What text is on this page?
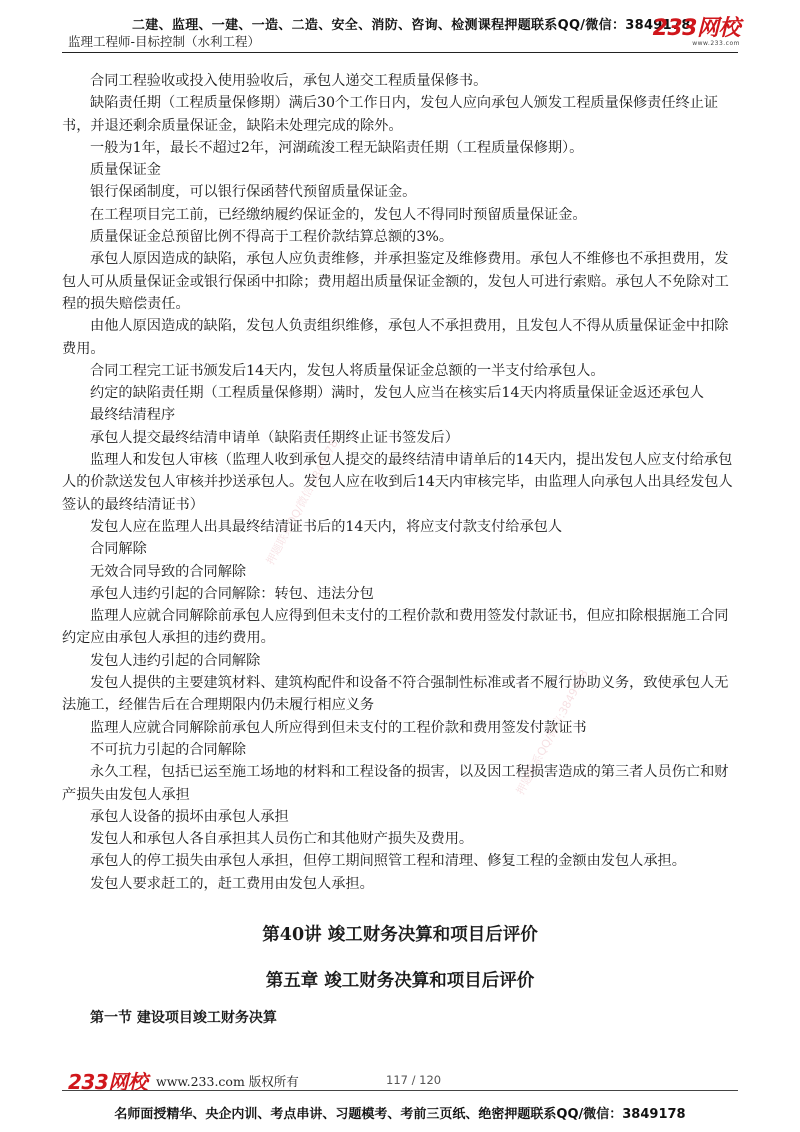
二建、监理、一建、一造、二造、安全、消防、咨询、检测课程押题联系QQ/微信：3849178
监理工程师-目标控制（水利工程）
233网校
www.233.com

合同工程验收或投入使用验收后，承包人递交工程质量保修书。

缺陷责任期（工程质量保修期）满后30个工作日内，发包人应向承包人颁发工程质量保修责任终止证书，并退还剩余质量保证金，缺陷未处理完成的除外。

一般为1年，最长不超过2年，河湖疏浚工程无缺陷责任期（工程质量保修期）。

质量保证金

银行保函制度，可以银行保函替代预留质量保证金。

在工程项目完工前，已经缴纳履约保证金的，发包人不得同时预留质量保证金。

质量保证金总预留比例不得高于工程价款结算总额的3%。

承包人原因造成的缺陷，承包人应负责维修，并承担鉴定及维修费用。承包人不维修也不承担费用，发包人可从质量保证金或银行保函中扣除；费用超出质量保证金额的，发包人可进行索赔。承包人不免除对工程的损失赔偿责任。

由他人原因造成的缺陷，发包人负责组织维修，承包人不承担费用，且发包人不得从质量保证金中扣除费用。

合同工程完工证书颁发后14天内，发包人将质量保证金总额的一半支付给承包人。

约定的缺陷责任期（工程质量保修期）满时，发包人应当在核实后14天内将质量保证金返还承包人

最终结清程序

承包人提交最终结清申请单（缺陷责任期终止证书签发后）

监理人和发包人审核（监理人收到承包人提交的最终结清申请单后的14天内，提出发包人应支付给承包人的价款送发包人审核并抄送承包人。发包人应在收到后14天内审核完毕，由监理人向承包人出具经发包人签认的最终结清证书）

发包人应在监理人出具最终结清证书后的14天内，将应支付款支付给承包人

合同解除

无效合同导致的合同解除

承包人违约引起的合同解除：转包、违法分包

监理人应就合同解除前承包人应得到但未支付的工程价款和费用签发付款证书，但应扣除根据施工合同约定应由承包人承担的违约费用。

发包人违约引起的合同解除

发包人提供的主要建筑材料、建筑构配件和设备不符合强制性标准或者不履行协助义务，致使承包人无法施工，经催告后在合理期限内仍未履行相应义务

监理人应就合同解除前承包人所应得到但未支付的工程价款和费用签发付款证书

不可抗力引起的合同解除

永久工程，包括已运至施工场地的材料和工程设备的损害，以及因工程损害造成的第三者人员伤亡和财产损失由发包人承担

承包人设备的损坏由承包人承担

发包人和承包人各自承担其人员伤亡和其他财产损失及费用。

承包人的停工损失由承包人承担，但停工期间照管工程和清理、修复工程的金额由发包人承担。

发包人要求赶工的，赶工费用由发包人承担。

押题联系QQ/微信:3849178
押题联系QQ/微信:3849178
第40讲 竣工财务决算和项目后评价
第五章 竣工财务决算和项目后评价
第一节 建设项目竣工财务决算
233网校 www.233.com 版权所有	117 / 120
名师面授精华、央企内训、考点串讲、习题模考、考前三页纸、绝密押题联系QQ/微信：3849178
